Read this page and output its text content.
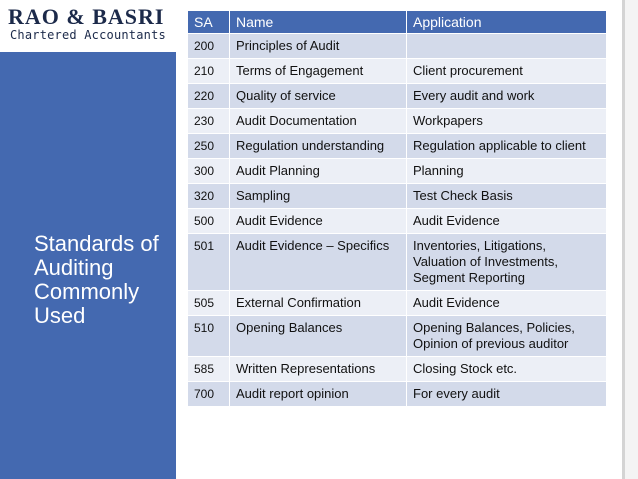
RAO & BASRI
Chartered Accountants
Standards of
Auditing
Commonly
Used
SA	Name	Application
200	Principles of Audit	
210	Terms of Engagement	Client procurement
220	Quality of service	Every audit and work
230	Audit Documentation	Workpapers
250	Regulation understanding	Regulation applicable to client
300	Audit Planning	Planning
320	Sampling	Test Check Basis
500	Audit Evidence	Audit Evidence
501	Audit Evidence – Specifics	Inventories, Litigations, Valuation of Investments, Segment Reporting
505	External Confirmation	Audit Evidence
510	Opening Balances	Opening Balances, Policies, Opinion of previous auditor
585	Written Representations	Closing Stock etc.
700	Audit report opinion	For every audit
